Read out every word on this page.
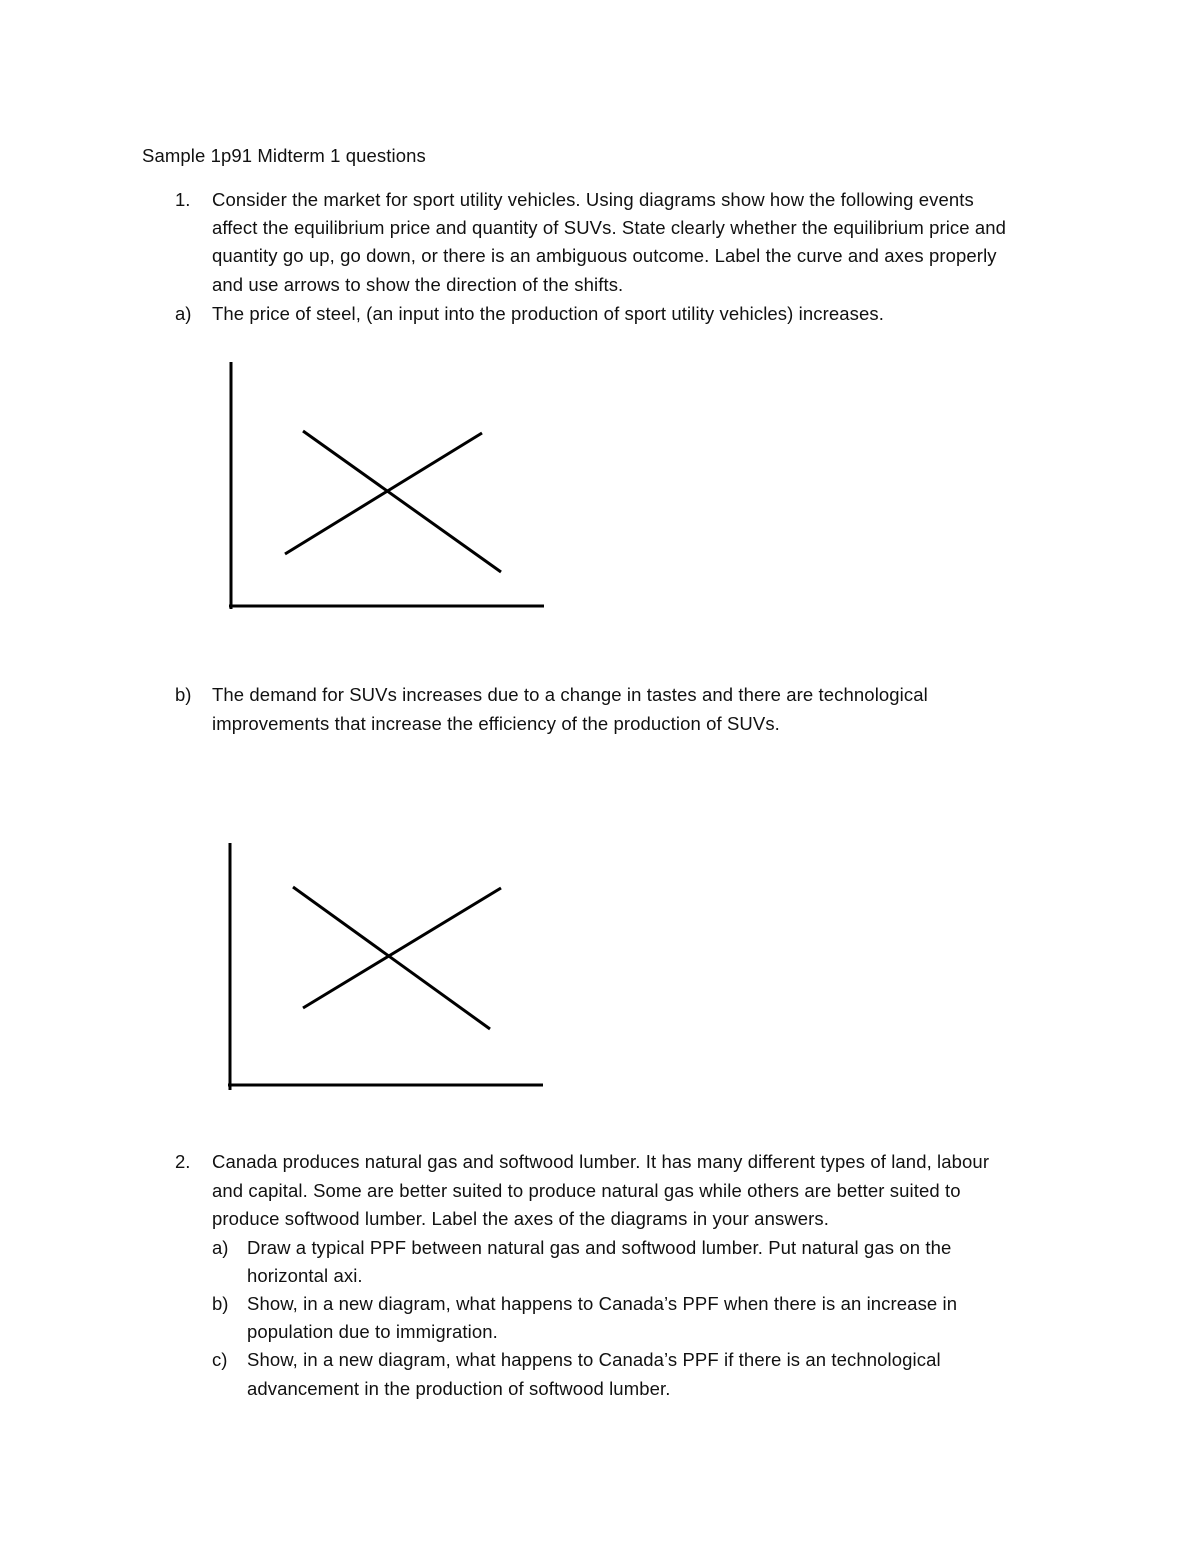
Sample 1p91 Midterm 1 questions
1. Consider the market for sport utility vehicles. Using diagrams show how the following events
affect the equilibrium price and quantity of SUVs. State clearly whether the equilibrium price and
quantity go up, go down, or there is an ambiguous outcome. Label the curve and axes properly
and use arrows to show the direction of the shifts.
a) The price of steel, (an input into the production of sport utility vehicles) increases.
b) The demand for SUVs increases due to a change in tastes and there are technological
improvements that increase the efficiency of the production of SUVs.
2. Canada produces natural gas and softwood lumber. It has many different types of land, labour
and capital. Some are better suited to produce natural gas while others are better suited to
produce softwood lumber. Label the axes of the diagrams in your answers.
a) Draw a typical PPF between natural gas and softwood lumber. Put natural gas on the
horizontal axi.
b) Show, in a new diagram, what happens to Canada’s PPF when there is an increase in
population due to immigration.
c) Show, in a new diagram, what happens to Canada’s PPF if there is an technological
advancement in the production of softwood lumber.
